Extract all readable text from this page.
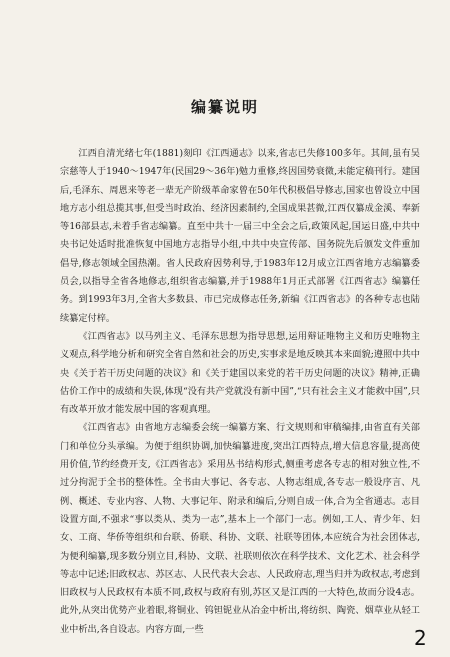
编纂说明

江西自清光绪七年(1881)刻印《江西通志》以来,省志已失修100多年。其间,虽有吴宗慈等人于1940～1947年(民国29～36年)勉力重修,终因国势衰微,未能定稿刊行。建国后,毛泽东、周恩来等老一辈无产阶级革命家曾在50年代积极倡导修志,国家也曾设立中国地方志小组总揽其事,但受当时政治、经济因素制约,全国成果甚微,江西仅纂成金溪、奉新等16部县志,未着手省志编纂。直至中共十一届三中全会之后,政策风起,国运日盛,中共中央书记处适时批准恢复中国地方志指导小组,中共中央宣传部、国务院先后颁发文件重加倡导,修志领域全国热潮。省人民政府因势利导,于1983年12月成立江西省地方志编纂委员会,以指导全省各地修志,组织省志编纂,并于1988年1月正式部署《江西省志》编纂任务。到1993年3月,全省大多数县、市已完成修志任务,新编《江西省志》的各种专志也陆续纂定付梓。

《江西省志》以马列主义、毛泽东思想为指导思想,运用辩证唯物主义和历史唯物主义观点,科学地分析和研究全省自然和社会的历史,实事求是地反映其本来面貌;遵照中共中央《关于若干历史问题的决议》和《关于建国以来党的若干历史问题的决议》精神,正确估价工作中的成绩和失误,体现“没有共产党就没有新中国”,“只有社会主义才能救中国”,只有改革开放才能发展中国的客观真理。

《江西省志》由省地方志编委会统一编纂方案、行文规则和审稿编排,由省直有关部门和单位分头承编。为便于组织协调,加快编纂进度,突出江西特点,增大信息容量,提高使用价值,节约经费开支,《江西省志》采用丛书结构形式,侧重考虑各专志的相对独立性,不过分拘泥于全书的整体性。全书由大事记、各专志、人物志组成,各专志一般设序言、凡例、概述、专业内容、人物、大事记年、附录和编后,分则自成一体,合为全省通志。志目设置方面,不强求“事以类从、类为一志”,基本上一个部门一志。例如,工人、青少年、妇女、工商、华侨等组织和台联、侨联、科协、文联、社联等团体,本应统合为社会团体志,为便利编纂,现多数分别立目,科协、文联、社联则依次在科学技术、文化艺术、社会科学等志中记述;旧政权志、苏区志、人民代表大会志、人民政府志,理当归并为政权志,考虑到旧政权与人民政权有本质不同,政权与政府有别,苏区又是江西的一大特色,故而分设4志。此外,从突出优势产业着眼,将铜业、钨钽铌业从冶金中析出,将纺织、陶瓷、烟草业从轻工业中析出,各自设志。内容方面,一些	2
